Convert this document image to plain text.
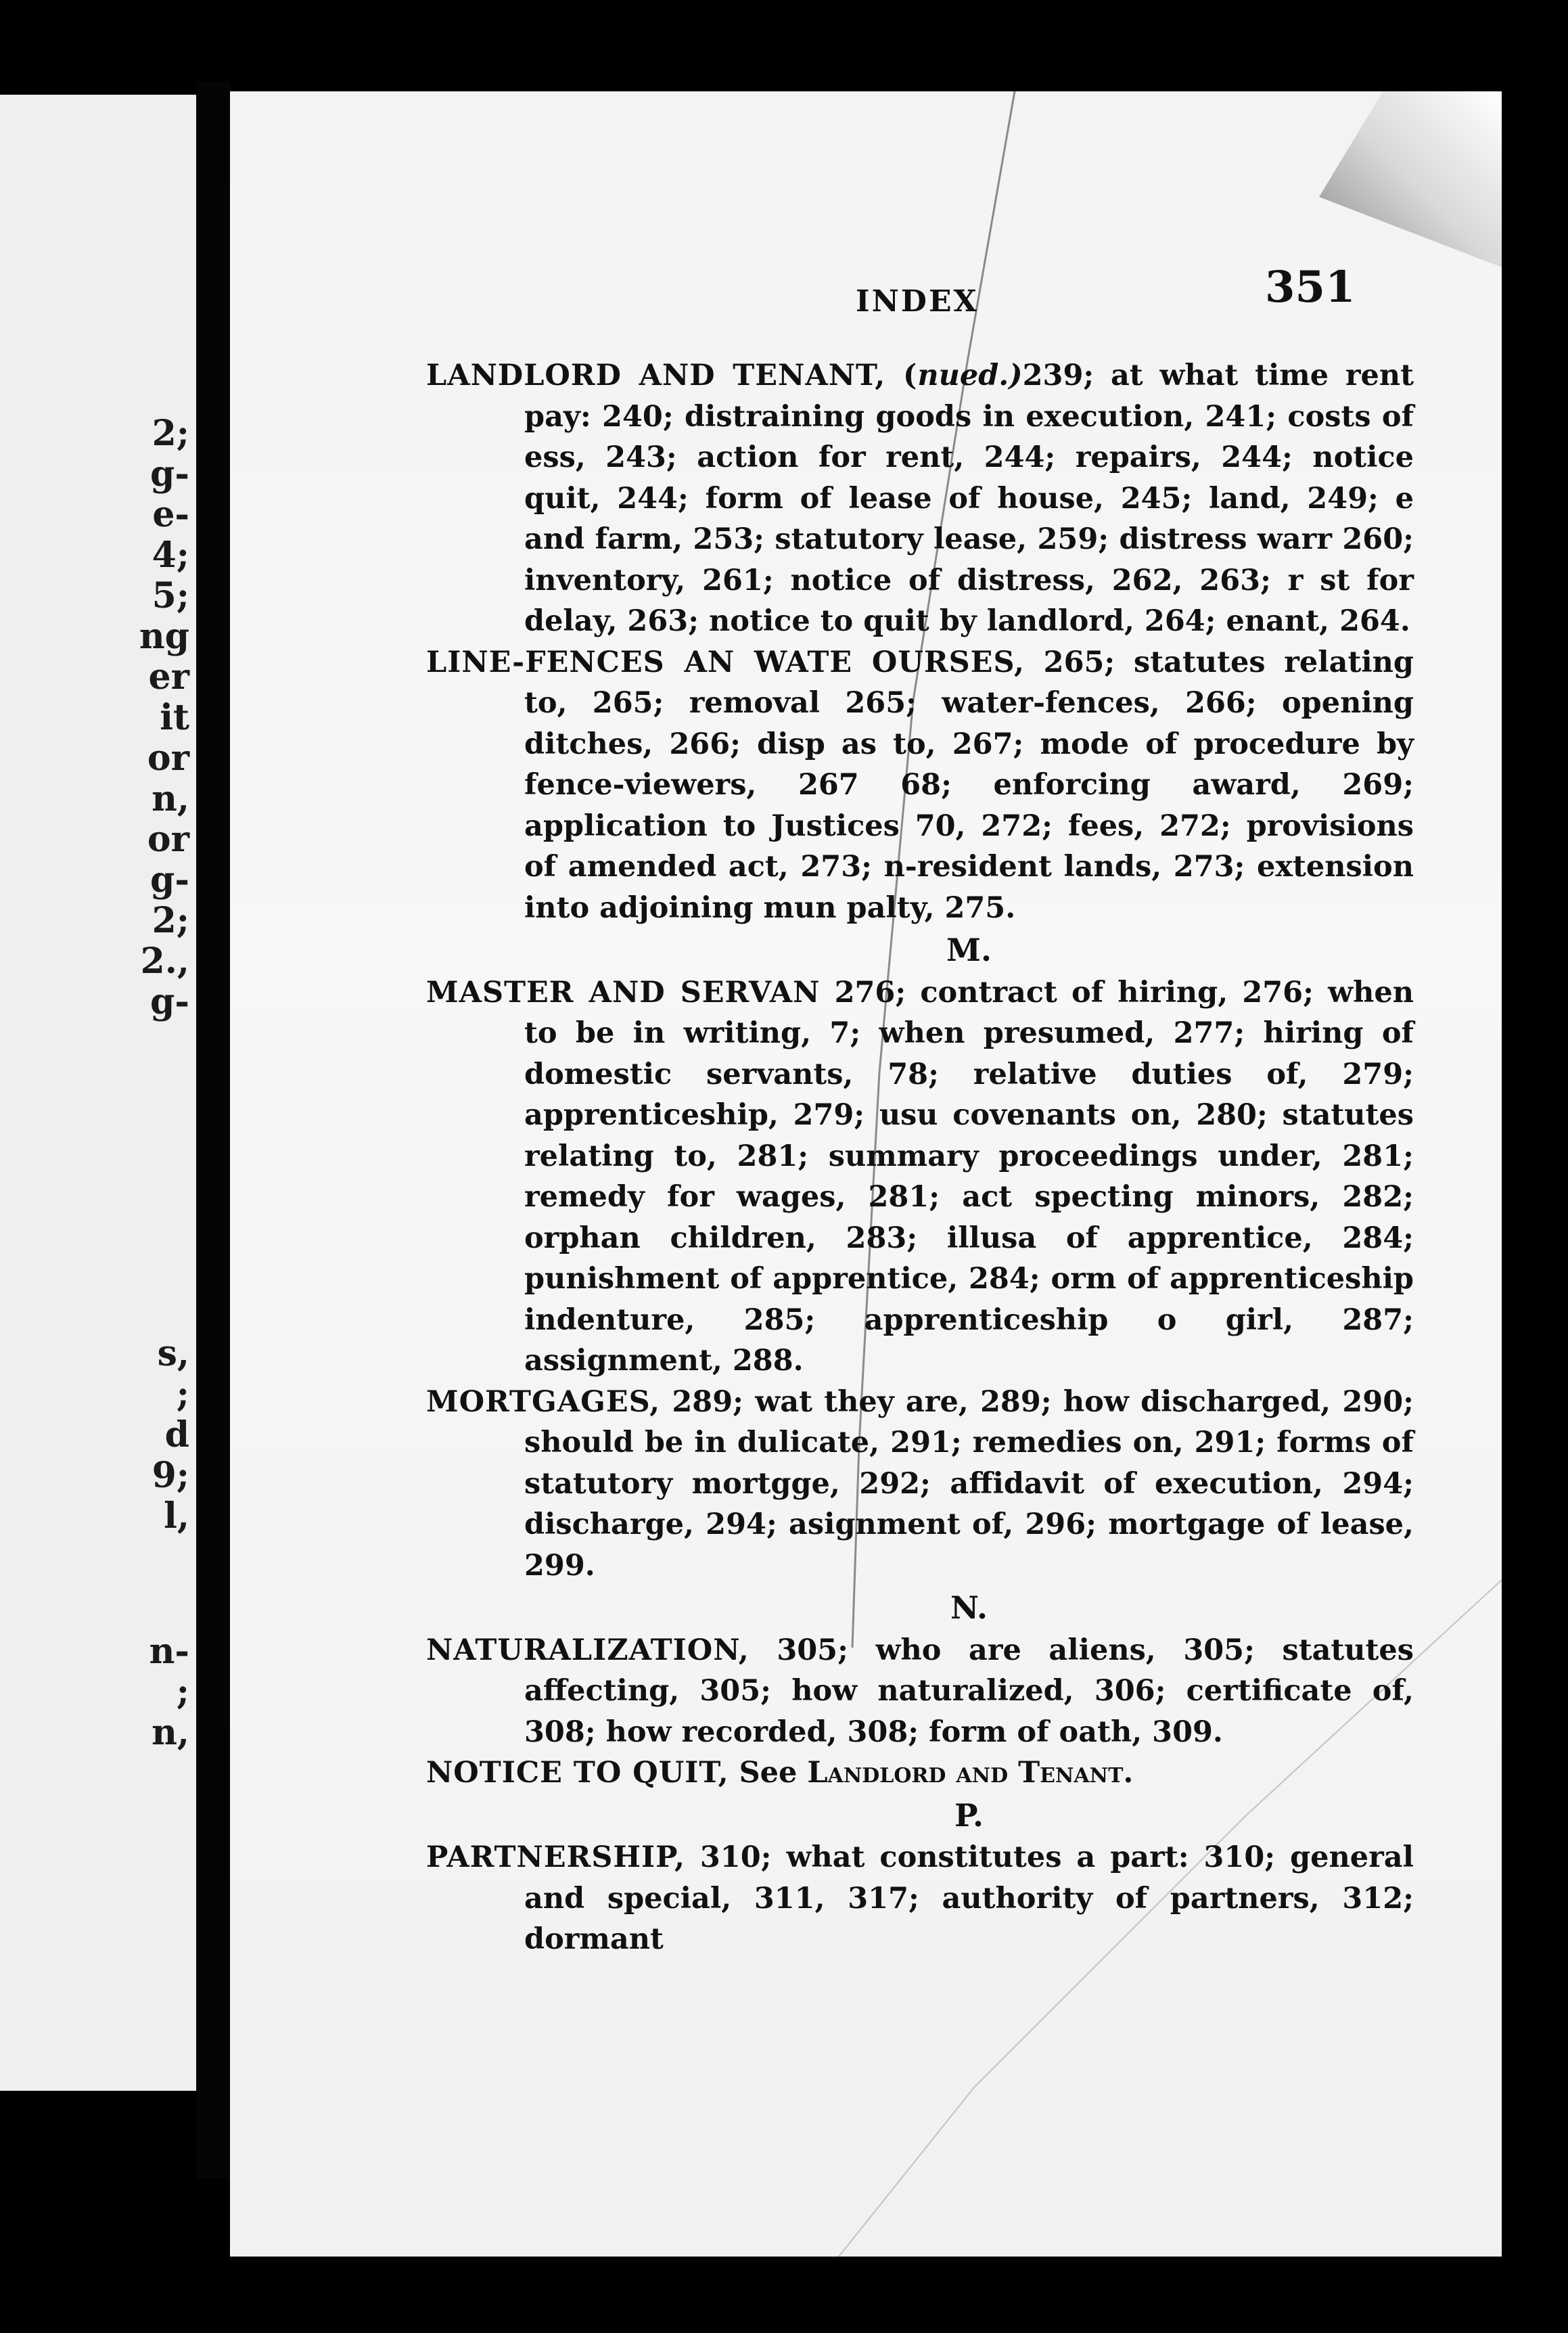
2;
g-
e-
4;
5;
ng
er
it
or
n,
or
g-
2;
2.,
g-
s,
;
d
9;
l,
n-
;
n,
INDEX	351

LANDLORD AND TENANT, (nued.)239; at what time rent pay: 240; distraining goods in execution, 241; costs of ess, 243; action for rent, 244; repairs, 244; notice quit, 244; form of lease of house, 245; land, 249; e and farm, 253; statutory lease, 259; distress warr 260; inventory, 261; notice of distress, 262, 263; r st for delay, 263; notice to quit by landlord, 264; enant, 264.

LINE-FENCES AN WATE OURSES, 265; statutes relating to, 265; removal 265; water-fences, 266; opening ditches, 266; disp as to, 267; mode of procedure by fence-viewers, 267 68; enforcing award, 269; application to Justices 70, 272; fees, 272; provisions of amended act, 273; n-resident lands, 273; extension into adjoining mun palty, 275.

M.

MASTER AND SERVAN 276; contract of hiring, 276; when to be in writing, 7; when presumed, 277; hiring of domestic servants, 78; relative duties of, 279; apprenticeship, 279; usu covenants on, 280; statutes relating to, 281; summary proceedings under, 281; remedy for wages, 281; act specting minors, 282; orphan children, 283; illusa of apprentice, 284; punishment of apprentice, 284; orm of apprenticeship indenture, 285; apprenticeship o girl, 287; assignment, 288.

MORTGAGES, 289; wat they are, 289; how discharged, 290; should be in dulicate, 291; remedies on, 291; forms of statutory mortgge, 292; affidavit of execution, 294; discharge, 294; asignment of, 296; mortgage of lease, 299.

N.

NATURALIZATION, 305; who are aliens, 305; statutes affecting, 305; how naturalized, 306; certificate of, 308; how recorded, 308; form of oath, 309.

NOTICE TO QUIT, See Landlord and Tenant.

P.

PARTNERSHIP, 310; what constitutes a part: 310; general and special, 311, 317; authority of partners, 312; dormant
